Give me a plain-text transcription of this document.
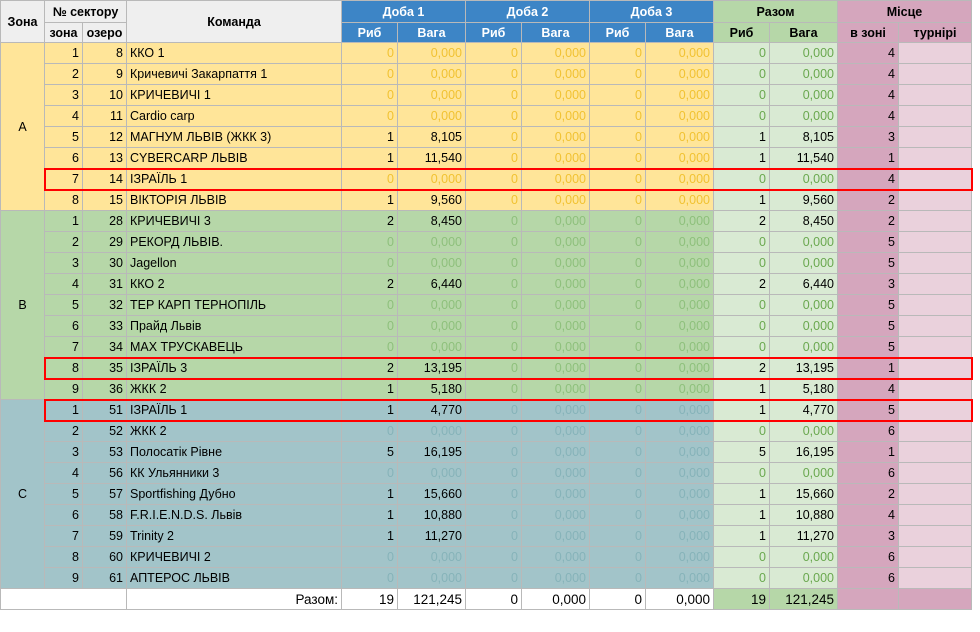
Зона	№ сектору		Команда	Доба 1		Доба 2		Доба 3		Разом		Місце	
	зона	озеро		Риб	Вага	Риб	Вага	Риб	Вага	Риб	Вага	в зоні	турнірі
A	1	8	ККО 1	0	0,000	0	0,000	0	0,000	0	0,000	4	
	2	9	Кричевичі Закарпаття 1	0	0,000	0	0,000	0	0,000	0	0,000	4	
	3	10	КРИЧЕВИЧІ 1	0	0,000	0	0,000	0	0,000	0	0,000	4	
	4	11	Cardio carp	0	0,000	0	0,000	0	0,000	0	0,000	4	
	5	12	МАГНУМ ЛЬВІВ (ЖКК 3)	1	8,105	0	0,000	0	0,000	1	8,105	3	
	6	13	CYBERCARP ЛЬВІВ	1	11,540	0	0,000	0	0,000	1	11,540	1	
	7	14	ІЗРАЇЛЬ 1	0	0,000	0	0,000	0	0,000	0	0,000	4	
	8	15	ВІКТОРІЯ ЛЬВІВ	1	9,560	0	0,000	0	0,000	1	9,560	2	
B	1	28	КРИЧЕВИЧІ 3	2	8,450	0	0,000	0	0,000	2	8,450	2	
	2	29	РЕКОРД ЛЬВІВ.	0	0,000	0	0,000	0	0,000	0	0,000	5	
	3	30	Jagellon	0	0,000	0	0,000	0	0,000	0	0,000	5	
	4	31	ККО 2	2	6,440	0	0,000	0	0,000	2	6,440	3	
	5	32	ТЕР КАРП ТЕРНОПІЛЬ	0	0,000	0	0,000	0	0,000	0	0,000	5	
	6	33	Прайд Львів	0	0,000	0	0,000	0	0,000	0	0,000	5	
	7	34	MAX ТРУСКАВЕЦЬ	0	0,000	0	0,000	0	0,000	0	0,000	5	
	8	35	ІЗРАЇЛЬ 3	2	13,195	0	0,000	0	0,000	2	13,195	1	
	9	36	ЖКК 2	1	5,180	0	0,000	0	0,000	1	5,180	4	
C	1	51	ІЗРАЇЛЬ 1	1	4,770	0	0,000	0	0,000	1	4,770	5	
	2	52	ЖКК 2	0	0,000	0	0,000	0	0,000	0	0,000	6	
	3	53	Полосатік Рівне	5	16,195	0	0,000	0	0,000	5	16,195	1	
	4	56	КК Ульянники 3	0	0,000	0	0,000	0	0,000	0	0,000	6	
	5	57	Sportfishing Дубно	1	15,660	0	0,000	0	0,000	1	15,660	2	
	6	58	F.R.I.E.N.D.S. Львів	1	10,880	0	0,000	0	0,000	1	10,880	4	
	7	59	Trinity 2	1	11,270	0	0,000	0	0,000	1	11,270	3	
	8	60	КРИЧЕВИЧІ 2	0	0,000	0	0,000	0	0,000	0	0,000	6	
	9	61	АПТЕРОС ЛЬВІВ	0	0,000	0	0,000	0	0,000	0	0,000	6	
			Разом:	19	121,245	0	0,000	0	0,000	19	121,245		
